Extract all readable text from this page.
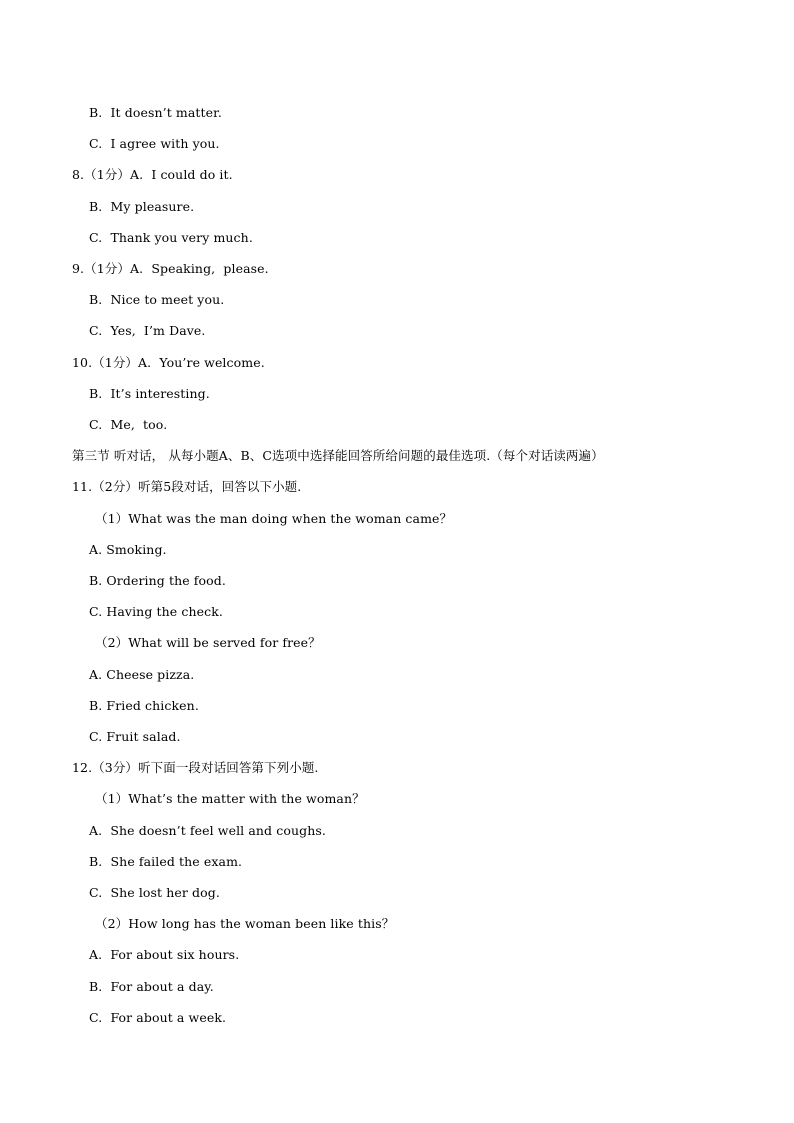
B.  It doesn’t matter.
C.  I agree with you.
8.（1分）A.  I could do it.
B.  My pleasure.
C.  Thank you very much.
9.（1分）A.  Speaking,  please.
B.  Nice to meet you.
C.  Yes,  I’m Dave.
10.（1分）A.  You’re welcome.
B.  It’s interesting.
C.  Me,  too.
第三节 听对话， 从每小题A、B、C选项中选择能回答所给问题的最佳选项.（每个对话读两遍）
11.（2分）听第5段对话，回答以下小题.
（1）What was the man doing when the woman came？
A. Smoking.
B. Ordering the food.
C. Having the check.
（2）What will be served for free？
A. Cheese pizza.
B. Fried chicken.
C. Fruit salad.
12.（3分）听下面一段对话回答第下列小题.
（1）What’s the matter with the woman？
A.  She doesn’t feel well and coughs.
B.  She failed the exam.
C.  She lost her dog.
（2）How long has the woman been like this？
A.  For about six hours.
B.  For about a day.
C.  For about a week.
